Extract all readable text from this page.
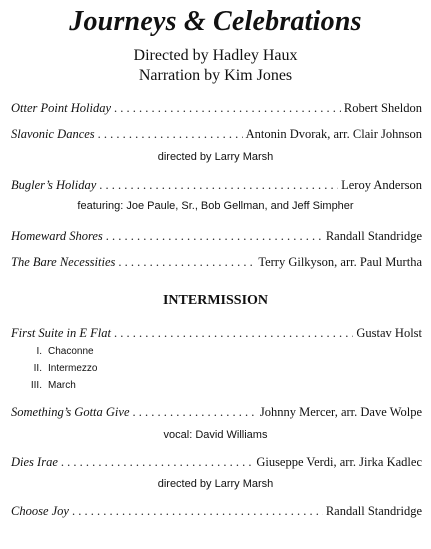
Journeys & Celebrations
Directed by Hadley Haux
Narration by Kim Jones
Otter Point Holiday . . .	Robert Sheldon
Slavonic Dances . . .	Antonin Dvorak, arr. Clair Johnson
directed by Larry Marsh
Bugler’s Holiday . . .	Leroy Anderson
featuring: Joe Paule, Sr., Bob Gellman, and Jeff Simpher
Homeward Shores . . .	Randall Standridge
The Bare Necessities . . .	Terry Gilkyson, arr. Paul Murtha
INTERMISSION
First Suite in E Flat . . .	Gustav Holst
I. Chaconne
II. Intermezzo
III. March
Something’s Gotta Give . . .	Johnny Mercer, arr. Dave Wolpe
vocal: David Williams
Dies Irae . . .	Giuseppe Verdi, arr. Jirka Kadlec
directed by Larry Marsh
Choose Joy . . .	Randall Standridge
